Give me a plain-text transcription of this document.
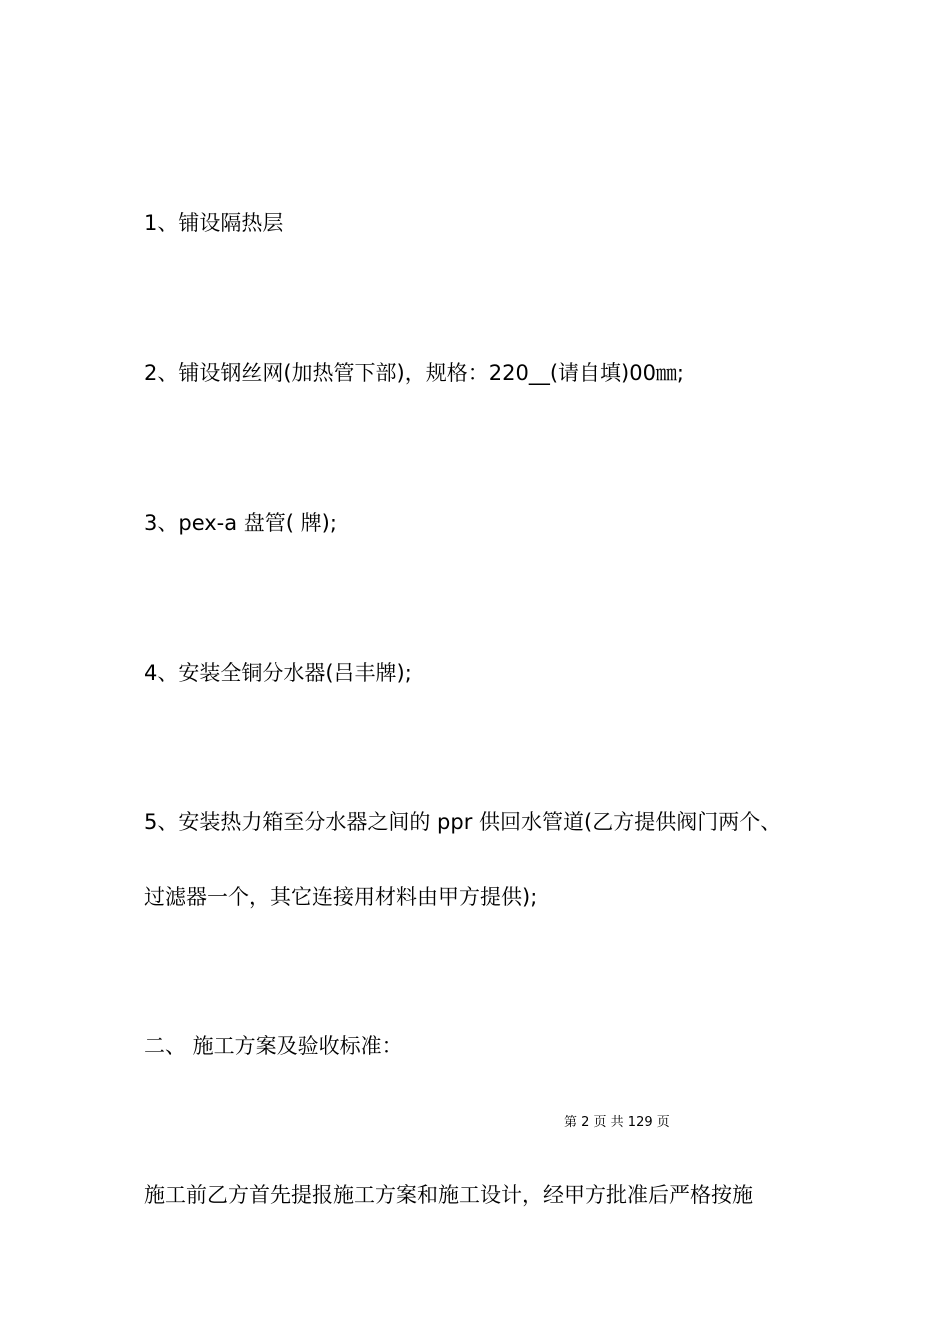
1、铺设隔热层
2、铺设钢丝网(加热管下部)，规格：220__(请自填)00㎜;
3、pex-a 盘管( 牌);
4、安装全铜分水器(吕丰牌);
5、安装热力箱至分水器之间的 ppr 供回水管道(乙方提供阀门两个、
过滤器一个，其它连接用材料由甲方提供);
二、 施工方案及验收标准：
第 2 页 共 129 页
施工前乙方首先提报施工方案和施工设计，经甲方批准后严格按施
